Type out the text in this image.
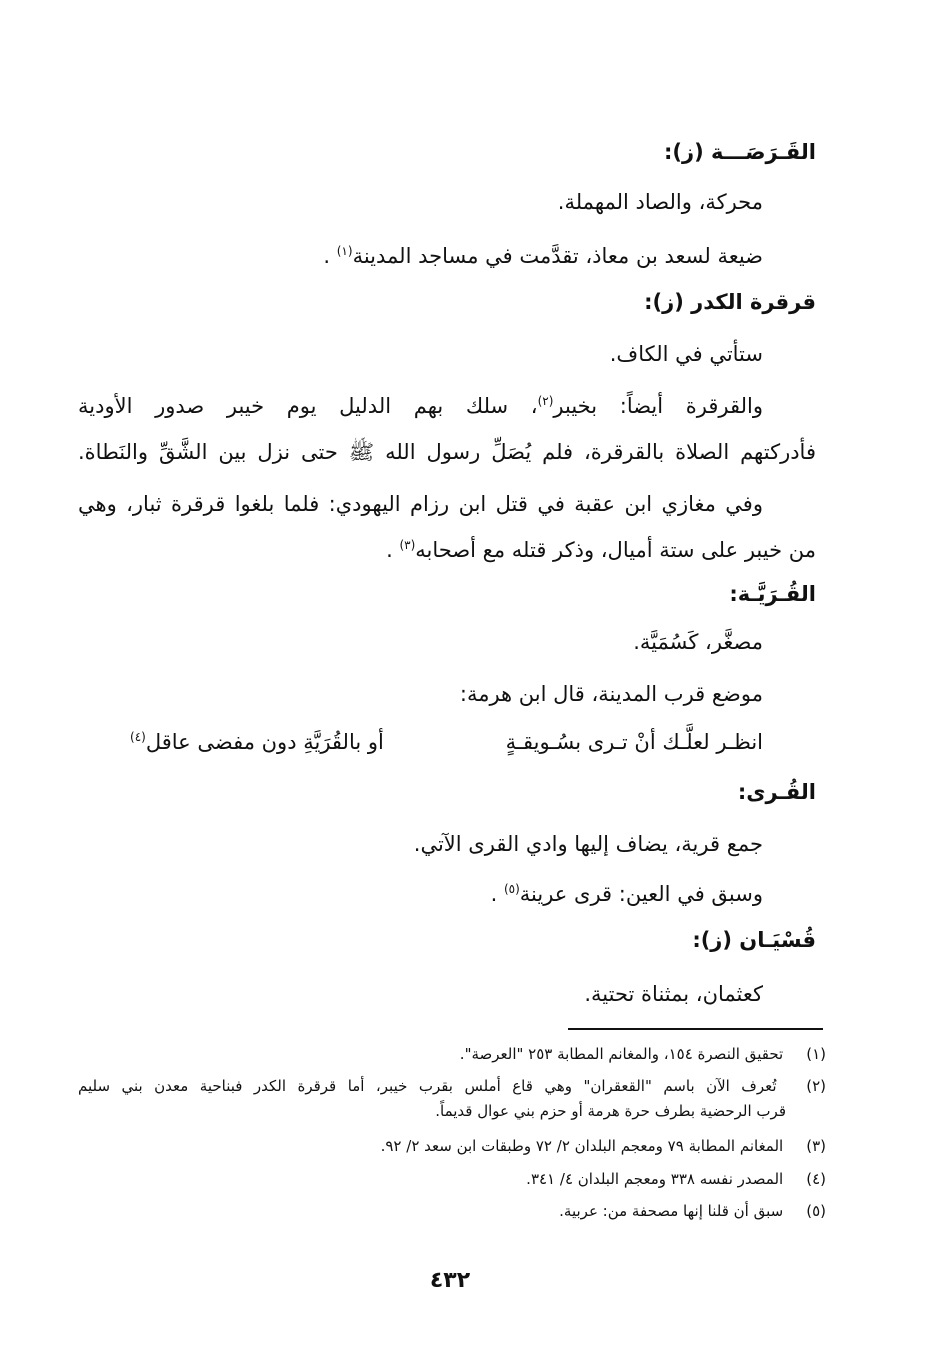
القَـرَصَـــة (ز):
محركة، والصاد المهملة.
ضيعة لسعد بن معاذ، تقدَّمت في مساجد المدينة$^{(١)}$ .
قرقرة الكدر (ز):
ستأتي في الكاف.
والقرقرة أيضاً: بخيبر$^{(٢)}$، سلك بهم الدليل يوم خيبر صدور الأودية
فأدركتهم الصلاة بالقرقرة، فلم يُصَلِّ رسول الله ﷺ حتى نزل بين الشَّقِّ والنَطاة.
وفي مغازي ابن عقبة في قتل ابن رزام اليهودي: فلما بلغوا قرقرة ثبار، وهي
من خيبر على ستة أميال، وذكر قتله مع أصحابه$^{(٣)}$ .
القُـرَيَّـة:
مصغَّر، كَسُمَيَّة.
موضع قرب المدينة، قال ابن هرمة:
انظـر لعلَّـك أنْ تـرى بسُـويقـةٍ
أو بالقُرَيَّةِ دون مفضى عاقل$^{(٤)}$
القُـرى:
جمع قرية، يضاف إليها وادي القرى الآتي.
وسبق في العين: قرى عرينة$^{(٥)}$ .
قُسْيَـان (ز):
كعثمان، بمثناة تحتية.
(١) تحقيق النصرة ١٥٤، والمغانم المطابة ٢٥٣ "العرصة".
(٢) تُعرف الآن باسم "القعقران" وهي قاع أملس بقرب خيبر، أما قرقرة الكدر فبناحية معدن بني سليم
قرب الرحضية بطرف حرة هرمة أو حزم بني عوال قديماً.
(٣) المغانم المطابة ٧٩ ومعجم البلدان ٢/ ٧٢ وطبقات ابن سعد ٢/ ٩٢.
(٤) المصدر نفسه ٣٣٨ ومعجم البلدان ٤/ ٣٤١.
(٥) سبق أن قلنا إنها مصحفة من: عربية.
٤٣٢
